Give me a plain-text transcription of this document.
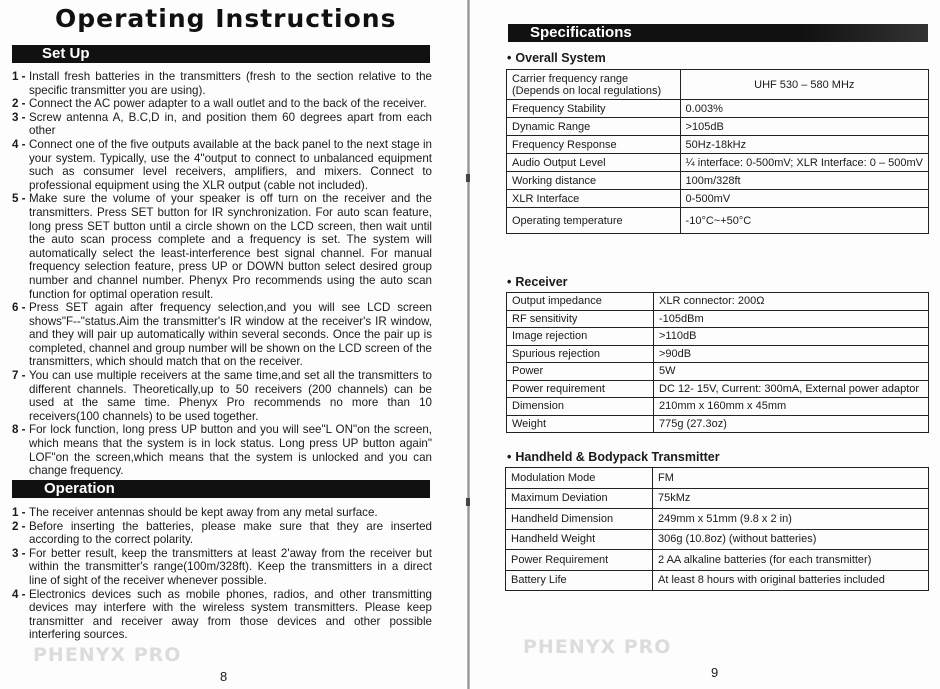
Operating Instructions
Set Up
1 - Install fresh batteries in the transmitters (fresh to the section relative to the specific transmitter you are using).
2 - Connect the AC power adapter to a wall outlet and to the back of the receiver.
3 - Screw antenna A, B.C,D in, and position them 60 degrees apart from each other
4 - Connect one of the five outputs available at the back panel to the next stage in your system. Typically, use the 4"output to connect to unbalanced equipment such as consumer level receivers, amplifiers, and mixers. Connect to professional equipment using the XLR output (cable not included).
5 - Make sure the volume of your speaker is off turn on the receiver and the transmitters. Press SET button for IR synchronization. For auto scan feature, long press SET button until a circle shown on the LCD screen, then wait until the auto scan process complete and a frequency is set. The system will automatically select the least-interference best signal channel. For manual frequency selection feature, press UP or DOWN button select desired group number and channel number. Phenyx Pro recommends using the auto scan function for optimal operation result.
6 - Press SET again after frequency selection,and you will see LCD screen shows"F--"status.Aim the transmitter's IR window at the receiver's IR window, and they will pair up automatically within several seconds. Once the pair up is completed, channel and group number will be shown on the LCD screen of the transmitters, which should match that on the receiver.
7 - You can use multiple receivers at the same time,and set all the transmitters to different channels. Theoretically,up to 50 receivers (200 channels) can be used at the same time. Phenyx Pro recommends no more than 10 receivers(100 channels) to be used together.
8 - For lock function, long press UP button and you will see"L ON"on the screen, which means that the system is in lock status. Long press UP button again" LOF"on the screen,which means that the system is unlocked and you can change frequency.
Operation
1 - The receiver antennas should be kept away from any metal surface.
2 - Before inserting the batteries, please make sure that they are inserted according to the correct polarity.
3 - For better result, keep the transmitters at least 2'away from the receiver but within the transmitter's range(100m/328ft). Keep the transmitters in a direct line of sight of the receiver whenever possible.
4 - Electronics devices such as mobile phones, radios, and other transmitting devices may interfere with the wireless system transmitters. Please keep transmitter and receiver away from those devices and other possible interfering sources.
PHENYX PRO
8
Specifications
• Overall System
Carrier frequency range
(Depends on local regulations)	UHF 530 – 580 MHz
Frequency Stability	0.003%
Dynamic Range	>105dB
Frequency Response	50Hz-18kHz
Audio Output Level	¼ interface: 0-500mV; XLR Interface: 0 – 500mV
Working distance	100m/328ft
XLR Interface	0-500mV
Operating temperature	-10°C~+50°C
• Receiver
Output impedance	XLR connector: 200Ω
RF sensitivity	-105dBm
Image rejection	>110dB
Spurious rejection	>90dB
Power	5W
Power requirement	DC 12- 15V, Current: 300mA, External power adaptor
Dimension	210mm x 160mm x 45mm
Weight	775g (27.3oz)
• Handheld & Bodypack Transmitter
Modulation Mode	FM
Maximum Deviation	75kMz
Handheld Dimension	249mm x 51mm (9.8 x 2 in)
Handheld Weight	306g (10.8oz) (without batteries)
Power Requirement	2 AA alkaline batteries (for each transmitter)
Battery Life	At least 8 hours with original batteries included
PHENYX PRO
9
